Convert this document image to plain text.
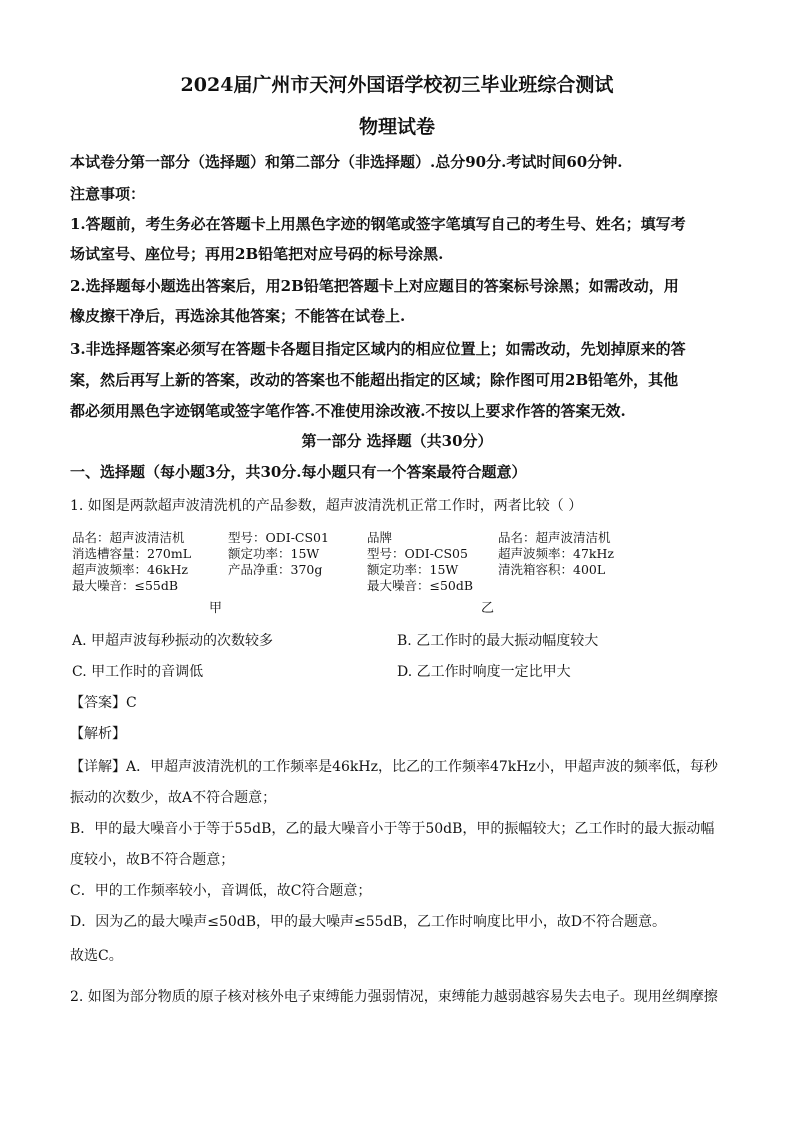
2024届广州市天河外国语学校初三毕业班综合测试
物理试卷
本试卷分第一部分（选择题）和第二部分（非选择题）.总分90分.考试时间60分钟.
注意事项：
1.答题前，考生务必在答题卡上用黑色字迹的钢笔或签字笔填写自己的考生号、姓名；填写考
场试室号、座位号；再用2B铅笔把对应号码的标号涂黑.
2.选择题每小题选出答案后，用2B铅笔把答题卡上对应题目的答案标号涂黑；如需改动，用
橡皮擦干净后，再选涂其他答案；不能答在试卷上.
3.非选择题答案必须写在答题卡各题目指定区域内的相应位置上；如需改动，先划掉原来的答
案，然后再写上新的答案，改动的答案也不能超出指定的区域；除作图可用2B铅笔外，其他
都必须用黑色字迹钢笔或签字笔作答.不准使用涂改液.不按以上要求作答的答案无效.
第一部分 选择题（共30分）
一、选择题（每小题3分，共30分.每小题只有一个答案最符合题意）
1. 如图是两款超声波清洗机的产品参数，超声波清洗机正常工作时，两者比较（ ）
品名：超声波清洁机	型号：ODI-CS01
消选槽容量：270mL	额定功率：15W
超声波频率：46kHz	产品净重：370g
最大噪音：≤55dB
甲
品牌	品名：超声波清洁机
型号：ODI-CS05 超声波频率：47kHz
额定功率：15W	清洗箱容积：400L
最大噪音：≤50dB
乙
A. 甲超声波每秒振动的次数较多	B. 乙工作时的最大振动幅度较大
C. 甲工作时的音调低	D. 乙工作时响度一定比甲大
【答案】C
【解析】
【详解】A．甲超声波清洗机的工作频率是46kHz，比乙的工作频率47kHz小，甲超声波的频率低，每秒
振动的次数少，故A不符合题意；
B．甲的最大噪音小于等于55dB，乙的最大噪音小于等于50dB，甲的振幅较大；乙工作时的最大振动幅
度较小，故B不符合题意；
C．甲的工作频率较小，音调低，故C符合题意；
D．因为乙的最大噪声≤50dB，甲的最大噪声≤55dB，乙工作时响度比甲小，故D不符合题意。
故选C。
2. 如图为部分物质的原子核对核外电子束缚能力强弱情况，束缚能力越弱越容易失去电子。现用丝绸摩擦
